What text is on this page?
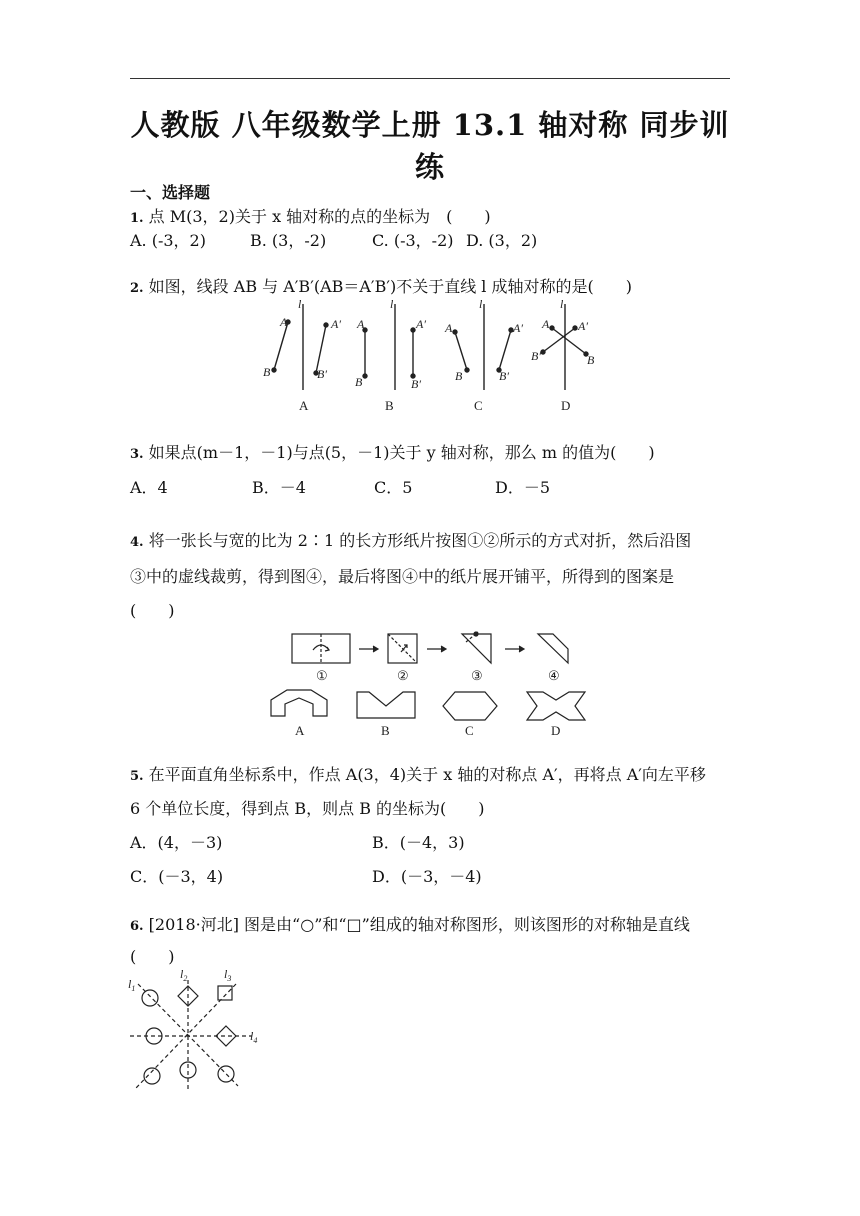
人教版 八年级数学上册 13.1 轴对称 同步训
练
一、选择题
1. 点 M(3，2)关于 x 轴对称的点的坐标为　(　　)
A. (-3，2)	B. (3，-2)	C. (-3，-2) D. (3，2)
2. 如图，线段 AB 与 A′B′(AB＝A′B′)不关于直线 l 成轴对称的是(　　)
l
A
B
A′
B′
l
A
B
A′
B′
l
A
B
A′
B′
l
A A′
B′	B
A	B	C	D
3. 如果点(m－1，－1)与点(5，－1)关于 y 轴对称，那么 m 的值为(　　)
A．4	B．－4	C．5	D．－5
4. 将一张长与宽的比为 2∶1 的长方形纸片按图①②所示的方式对折，然后沿图
③中的虚线裁剪，得到图④，最后将图④中的纸片展开铺平，所得到的图案是
(　　)
①	②	③	④
A	B	C	D
5. 在平面直角坐标系中，作点 A(3，4)关于 x 轴的对称点 A′，再将点 A′向左平移
6 个单位长度，得到点 B，则点 B 的坐标为(　　)
A．(4，－3)	B．(－4，3)
C．(－3，4)	D．(－3，－4)
6. [2018·河北] 图是由“○”和“□”组成的轴对称图形，则该图形的对称轴是直线
(　　)
$l_1$
$l_2$	$l_3$
$l_4$
